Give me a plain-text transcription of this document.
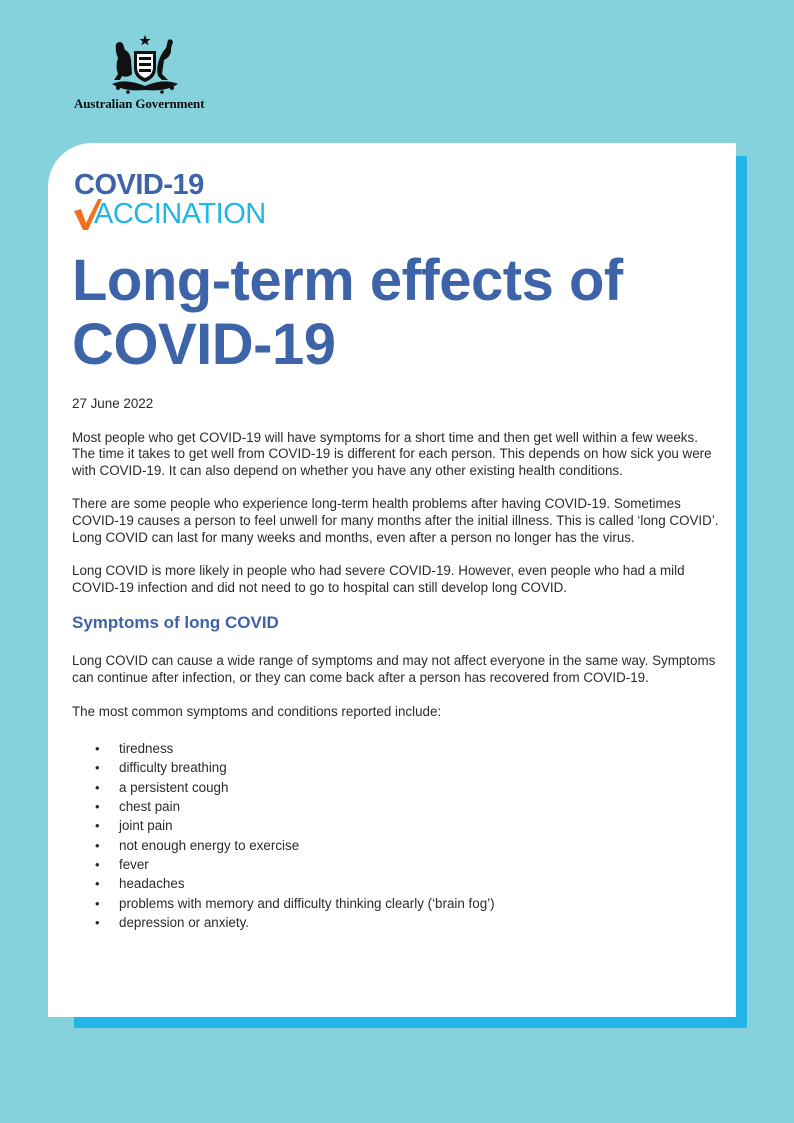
Australian Government
COVID-19
ACCINATION
Long-term effects of COVID-19

27 June 2022

Most people who get COVID-19 will have symptoms for a short time and then get well within a few weeks. The time it takes to get well from COVID-19 is different for each person. This depends on how sick you were with COVID-19. It can also depend on whether you have any other existing health conditions.

There are some people who experience long-term health problems after having COVID-19. Sometimes COVID-19 causes a person to feel unwell for many months after the initial illness. This is called ‘long COVID’. Long COVID can last for many weeks and months, even after a person no longer has the virus.

Long COVID is more likely in people who had severe COVID-19. However, even people who had a mild COVID-19 infection and did not need to go to hospital can still develop long COVID.

Symptoms of long COVID

Long COVID can cause a wide range of symptoms and may not affect everyone in the same way. Symptoms can continue after infection, or they can come back after a person has recovered from COVID-19.

The most common symptoms and conditions reported include:

• tiredness
• difficulty breathing
• a persistent cough
• chest pain
• joint pain
• not enough energy to exercise
• fever
• headaches
• problems with memory and difficulty thinking clearly (‘brain fog’)
• depression or anxiety.
